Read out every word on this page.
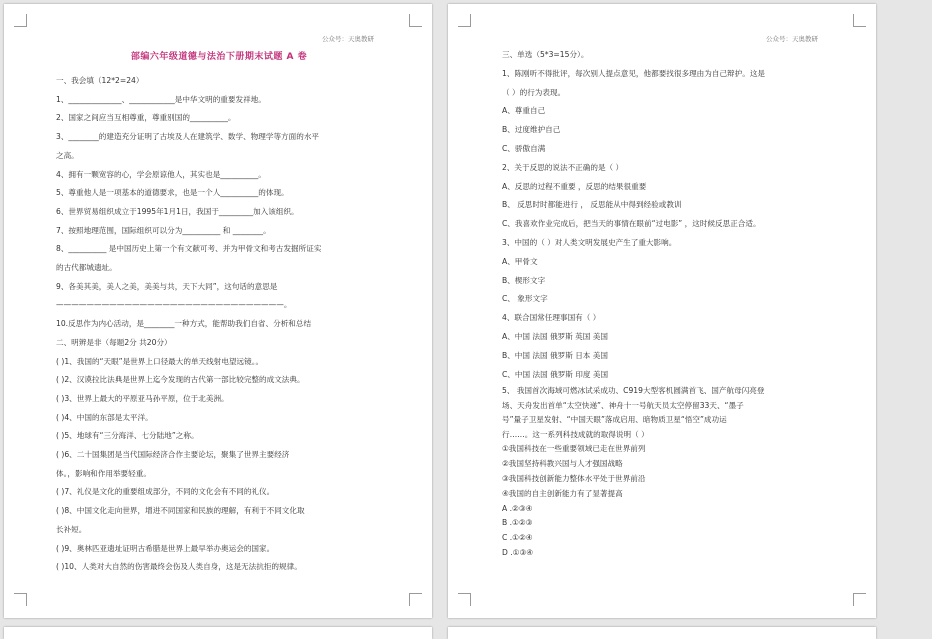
公众号：天奥教研
部编六年级道德与法治下册期末试题 A 卷
一、我会填（12*2=24）
1、______________、____________是中华文明的重要发祥地。
2、国家之间应当互相尊重，尊重别国的__________。
3、________的建造充分证明了古埃及人在建筑学、数学、物理学等方面的水平
之高。
4、拥有一颗宽容的心，学会原谅他人，其实也是__________。
5、尊重他人是一项基本的道德要求，也是一个人__________的体现。
6、世界贸易组织成立于1995年1月1日，我国于_________加入该组织。
7、按照地理范围，国际组织可以分为__________ 和 ________。
8、__________ 是中国历史上第一个有文献可考、并为甲骨文和考古发掘所证实
的古代都城遗址。
9、各美其美，美人之美，美美与共，天下大同”，这句话的意思是
——————————————————————————————。
10.反思作为内心活动，是________一种方式，能帮助我们自省、分析和总结
二、明辨是非（每题2分 共20分）
( )1、我国的“天眼”是世界上口径最大的单天线射电望远镜。。
( )2、汉谟拉比法典是世界上迄今发现的古代第一部比较完整的成文法典。
( )3、世界上最大的平原亚马孙平原，位于北美洲。
( )4、中国的东部是太平洋。
( )5、地球有“三分海洋、七分陆地”之称。
( )6、二十国集团是当代国际经济合作主要论坛，聚集了世界主要经济
体。，影响和作用举要轻重。
( )7、礼仪是文化的重要组成部分，不同的文化会有不同的礼仪。
( )8、中国文化走向世界，增进不同国家和民族的理解，有利于不同文化取
长补短。
( )9、奥林匹亚遗址证明古希腊是世界上最早举办奥运会的国家。
( )10、人类对大自然的伤害最终会伤及人类自身，这是无法抗拒的规律。
公众号：天奥教研
三、单选（5*3=15分）。
1、陈刚听不得批评，每次别人提点意见，他都要找很多理由为自己辩护。这是
（ ）的行为表现。
A、尊重自己
B、过度维护自己
C、骄傲自满
2、关于反思的说法不正确的是（ ）
A、反思的过程不重要 ，反思的结果很重要
B、 反思时时都能进行 ， 反思能从中得到经验或教训
C、我喜欢作业完成后，把当天的事情在眼前“过电影” ，这时候反思正合适。
3、中国的（ ）对人类文明发展史产生了重大影响。
A、甲骨文
B、楔形文字
C、 象形文字
4、联合国常任理事国有（ ）
A、中国 法国 俄罗斯 英国 美国
B、中国 法国 俄罗斯 日本 美国
C、中国 法国 俄罗斯 印度 美国
5、 我国首次海域可燃冰试采成功、C919大型客机圆满首飞、国产航母闪亮登
场、天舟发出首单“太空快递”、神舟十一号航天员太空停留33天、“墨子
号”量子卫星发射、“中国天眼”落成启用、暗物质卫星“悟空”成功运
行……。这一系列科技成就的取得说明（ ）
①我国科技在一些重要领域已走在世界前列
②我国坚持科教兴国与人才强国战略
③我国科技创新能力整体水平处于世界前沿
④我国的自主创新能力有了显著提高
A .②③④
B .①②③
C .①②④
D .①③④
